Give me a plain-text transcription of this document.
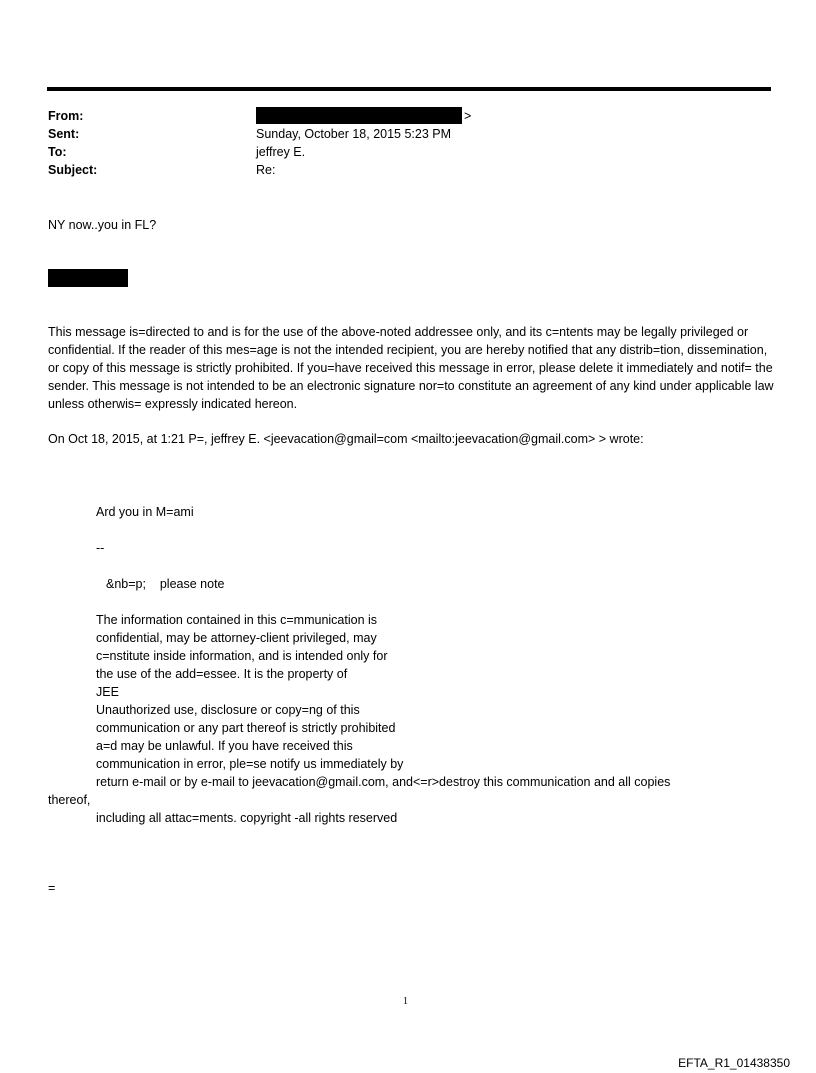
From:	>
Sent:	Sunday, October 18, 2015 5:23 PM
To:	jeffrey E.
Subject:	Re:
NY now..you in FL?
This message is=directed to and is for the use of the above-noted addressee only, and its c=ntents may be legally privileged or confidential. If the reader of this mes=age is not the intended recipient, you are hereby notified that any distrib=tion, dissemination, or copy of this message is strictly prohibited. If you=have received this message in error, please delete it immediately and notif= the sender. This message is not intended to be an electronic signature nor=to constitute an agreement of any kind under applicable law unless otherwis= expressly indicated hereon.
On Oct 18, 2015, at 1:21 P=, jeffrey E. <jeevacation@gmail=com <mailto:jeevacation@gmail.com> > wrote:
Ard you in M=ami
--
&nb=p;    please note
The information contained in this c=mmunication is
confidential, may be attorney-client privileged, may
c=nstitute inside information, and is intended only for
the use of the add=essee. It is the property of
JEE
Unauthorized use, disclosure or copy=ng of this
communication or any part thereof is strictly prohibited
a=d may be unlawful. If you have received this
communication in error, ple=se notify us immediately by
return e-mail or by e-mail to jeevacation@gmail.com, and<=r>destroy this communication and all copies
thereof,
including all attac=ments. copyright -all rights reserved
=
1
EFTA_R1_01438350
